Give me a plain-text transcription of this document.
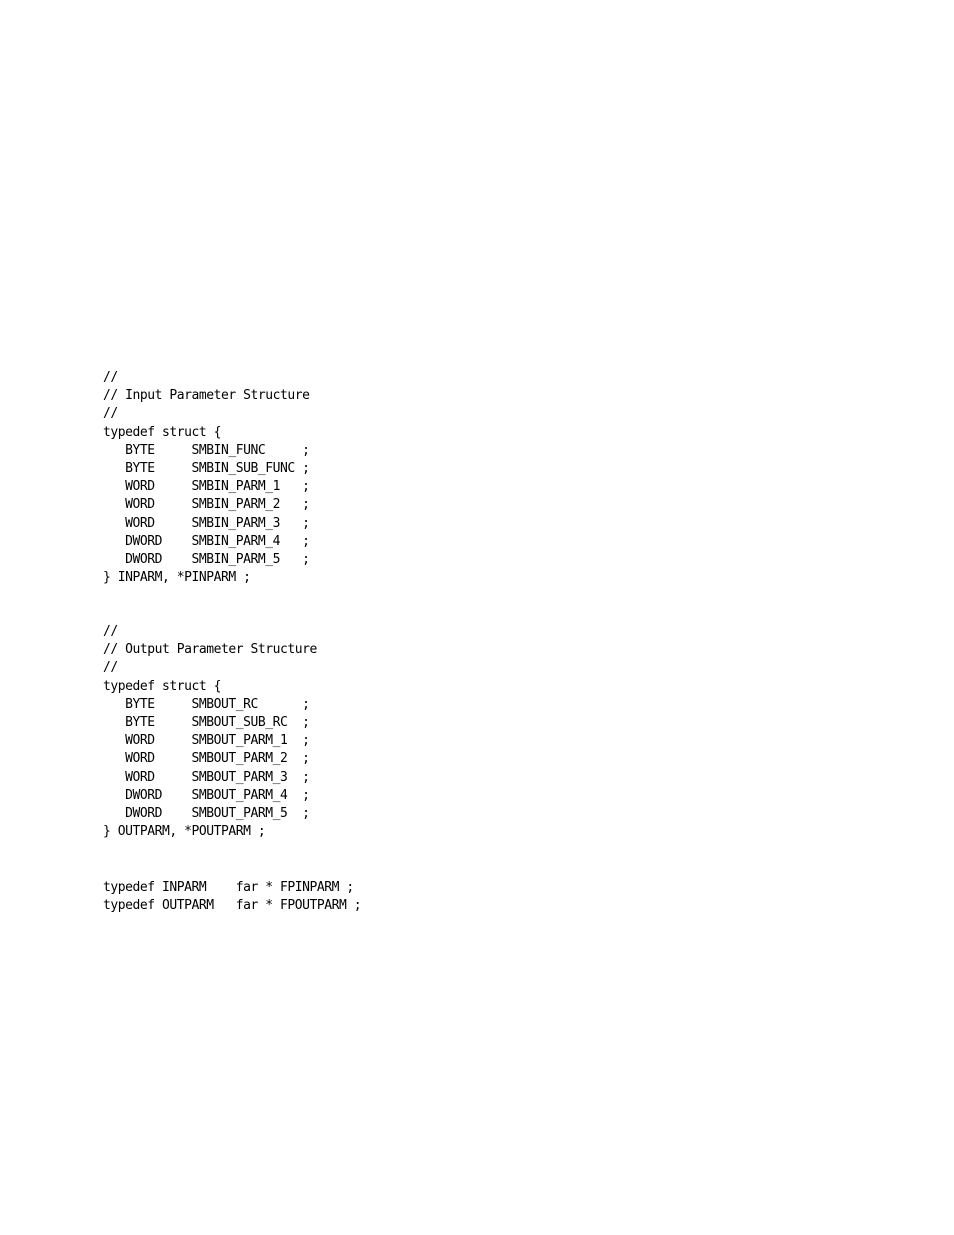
//
// Input Parameter Structure
//
typedef struct {
BYTE     SMBIN_FUNC     ;
BYTE     SMBIN_SUB_FUNC ;
WORD     SMBIN_PARM_1   ;
WORD     SMBIN_PARM_2   ;
WORD     SMBIN_PARM_3   ;
DWORD    SMBIN_PARM_4   ;
DWORD    SMBIN_PARM_5   ;
} INPARM, *PINPARM ;
//
// Output Parameter Structure
//
typedef struct {
BYTE     SMBOUT_RC      ;
BYTE     SMBOUT_SUB_RC  ;
WORD     SMBOUT_PARM_1  ;
WORD     SMBOUT_PARM_2  ;
WORD     SMBOUT_PARM_3  ;
DWORD    SMBOUT_PARM_4  ;
DWORD    SMBOUT_PARM_5  ;
} OUTPARM, *POUTPARM ;
typedef INPARM    far * FPINPARM ;
typedef OUTPARM   far * FPOUTPARM ;
